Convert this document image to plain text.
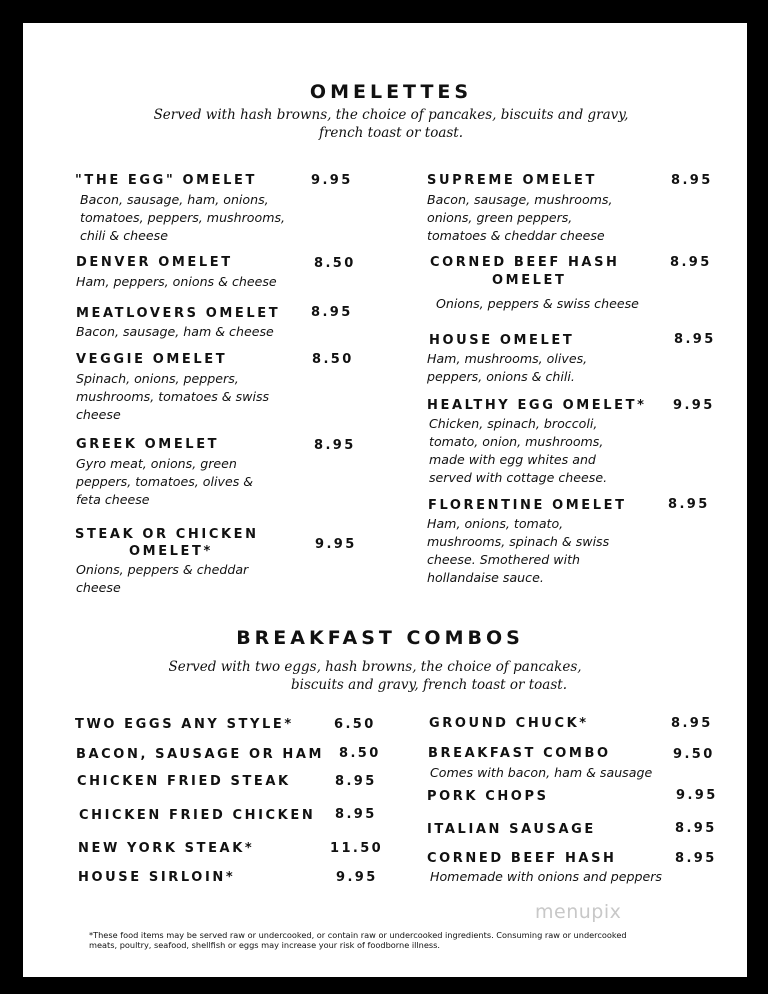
OMELETTES
Served with hash browns, the choice of pancakes, biscuits and gravy,
french toast or toast.
"THE EGG" OMELET	9.95
Bacon, sausage, ham, onions,
tomatoes, peppers, mushrooms,
chili & cheese
DENVER OMELET	8.50
Ham, peppers, onions & cheese
MEATLOVERS OMELET 8.95
Bacon, sausage, ham & cheese
VEGGIE OMELET	8.50
Spinach, onions, peppers,
mushrooms, tomatoes & swiss
cheese
GREEK OMELET	8.95
Gyro meat, onions, green
peppers, tomatoes, olives &
feta cheese
STEAK OR CHICKEN
OMELET*	9.95
Onions, peppers & cheddar
cheese
SUPREME OMELET	8.95
Bacon, sausage, mushrooms,
onions, green peppers,
tomatoes & cheddar cheese
CORNED BEEF HASH
OMELET
8.95
Onions, peppers & swiss cheese
HOUSE OMELET	8.95
Ham, mushrooms, olives,
peppers, onions & chili.
HEALTHY EGG OMELET* 9.95
Chicken, spinach, broccoli,
tomato, onion, mushrooms,
made with egg whites and
served with cottage cheese.
FLORENTINE OMELET	8.95
Ham, onions, tomato,
mushrooms, spinach & swiss
cheese. Smothered with
hollandaise sauce.
BREAKFAST COMBOS
Served with two eggs, hash browns, the choice of pancakes,
biscuits and gravy, french toast or toast.
TWO EGGS ANY STYLE*	6.50
BACON, SAUSAGE OR HAM 8.50
CHICKEN FRIED STEAK	8.95
CHICKEN FRIED CHICKEN 8.95
NEW YORK STEAK*	11.50
HOUSE SIRLOIN*	9.95
GROUND CHUCK*	8.95
BREAKFAST COMBO	9.50
Comes with bacon, ham & sausage
PORK CHOPS	9.95
ITALIAN SAUSAGE	8.95
CORNED BEEF HASH	8.95
Homemade with onions and peppers
menupix
*These food items may be served raw or undercooked, or contain raw or undercooked ingredients. Consuming raw or undercooked
meats, poultry, seafood, shellfish or eggs may increase your risk of foodborne illness.
